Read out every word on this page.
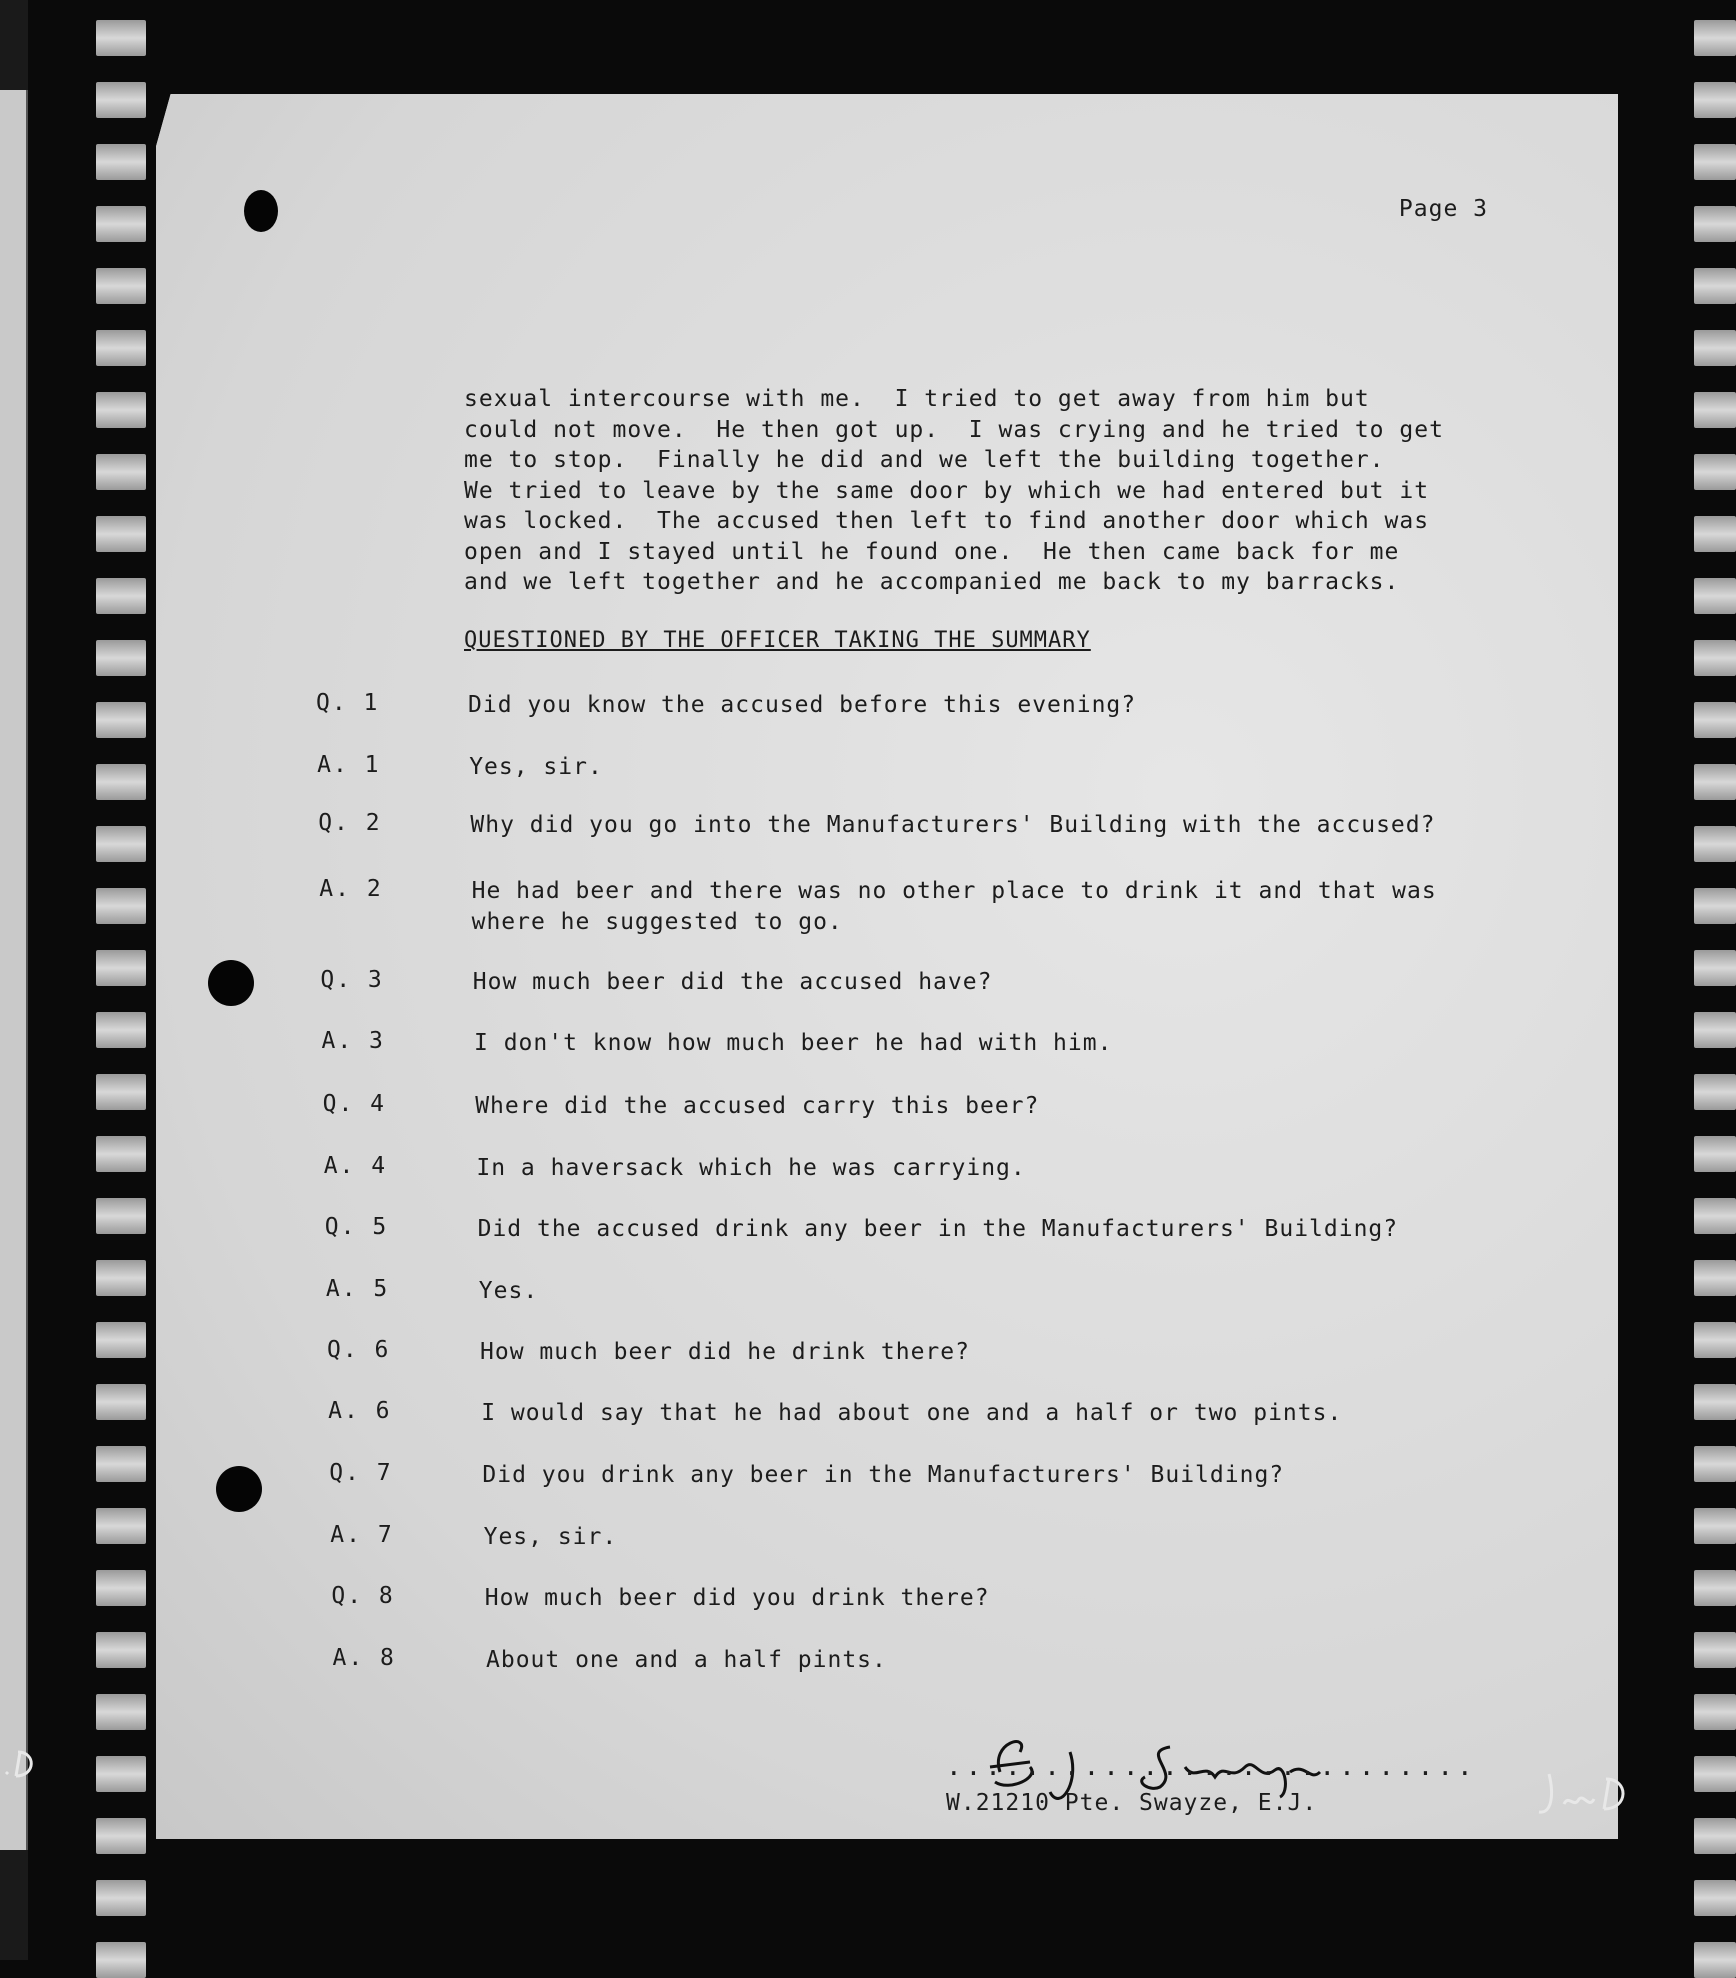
Page 3
sexual intercourse with me.  I tried to get away from him but
could not move.  He then got up.  I was crying and he tried to get
me to stop.  Finally he did and we left the building together.
We tried to leave by the same door by which we had entered but it
was locked.  The accused then left to find another door which was
open and I stayed until he found one.  He then came back for me
and we left together and he accompanied me back to my barracks.
QUESTIONED BY THE OFFICER TAKING THE SUMMARY
Q. 1	Did you know the accused before this evening?
A. 1	Yes, sir.
Q. 2	Why did you go into the Manufacturers' Building with the accused?
A. 2	He had beer and there was no other place to drink it and that was
where he suggested to go.
Q. 3	How much beer did the accused have?
A. 3	I don't know how much beer he had with him.
Q. 4	Where did the accused carry this beer?
A. 4	In a haversack which he was carrying.
Q. 5	Did the accused drink any beer in the Manufacturers' Building?
A. 5	Yes.
Q. 6	How much beer did he drink there?
A. 6	I would say that he had about one and a half or two pints.
Q. 7	Did you drink any beer in the Manufacturers' Building?
A. 7	Yes, sir.
Q. 8	How much beer did you drink there?
A. 8	About one and a half pints.
...........................
W.21210 Pte. Swayze, E.J.
